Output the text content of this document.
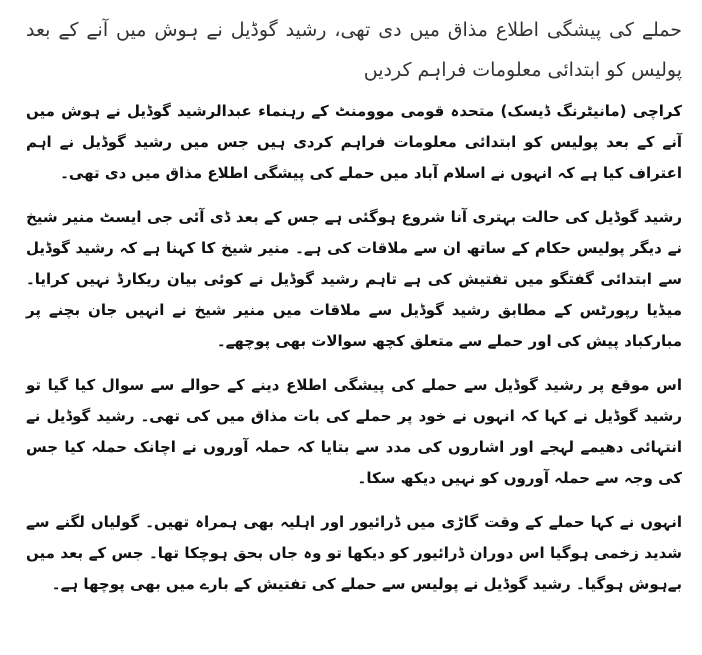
حملے کی پیشگی اطلاع مذاق میں دی تھی، رشید گوڈیل نے ہوش میں آنے کے بعد پولیس کو ابتدائی معلومات فراہم کردیں

کراچی (مانیٹرنگ ڈیسک) متحدہ قومی موومنٹ کے رہنماء عبدالرشید گوڈیل نے ہوش میں آنے کے بعد پولیس کو ابتدائی معلومات فراہم کردی ہیں جس میں رشید گوڈیل نے اہم اعتراف کیا ہے کہ انہوں نے اسلام آباد میں حملے کی پیشگی اطلاع مذاق میں دی تھی۔

رشید گوڈیل کی حالت بہتری آنا شروع ہوگئی ہے جس کے بعد ڈی آئی جی ایسٹ منیر شیخ نے دیگر پولیس حکام کے ساتھ ان سے ملاقات کی ہے۔ منیر شیخ کا کہنا ہے کہ رشید گوڈیل سے ابتدائی گفتگو میں تفتیش کی ہے تاہم رشید گوڈیل نے کوئی بیان ریکارڈ نہیں کرایا۔ میڈیا رپورٹس کے مطابق رشید گوڈیل سے ملاقات میں منیر شیخ نے انہیں جان بچنے پر مبارکباد پیش کی اور حملے سے متعلق کچھ سوالات بھی پوچھے۔

اس موقع پر رشید گوڈیل سے حملے کی پیشگی اطلاع دینے کے حوالے سے سوال کیا گیا تو رشید گوڈیل نے کہا کہ انہوں نے خود پر حملے کی بات مذاق میں کی تھی۔ رشید گوڈیل نے انتہائی دھیمے لہجے اور اشاروں کی مدد سے بتایا کہ حملہ آوروں نے اچانک حملہ کیا جس کی وجہ سے حملہ آوروں کو نہیں دیکھ سکا۔

انہوں نے کہا حملے کے وقت گاڑی میں ڈرائیور اور اہلیہ بھی ہمراہ تھیں۔ گولیاں لگنے سے شدید زخمی ہوگیا اس دوران ڈرائیور کو دیکھا تو وہ جاں بحق ہوچکا تھا۔ جس کے بعد میں بےہوش ہوگیا۔ رشید گوڈیل نے پولیس سے حملے کی تفتیش کے بارے میں بھی پوچھا ہے۔
